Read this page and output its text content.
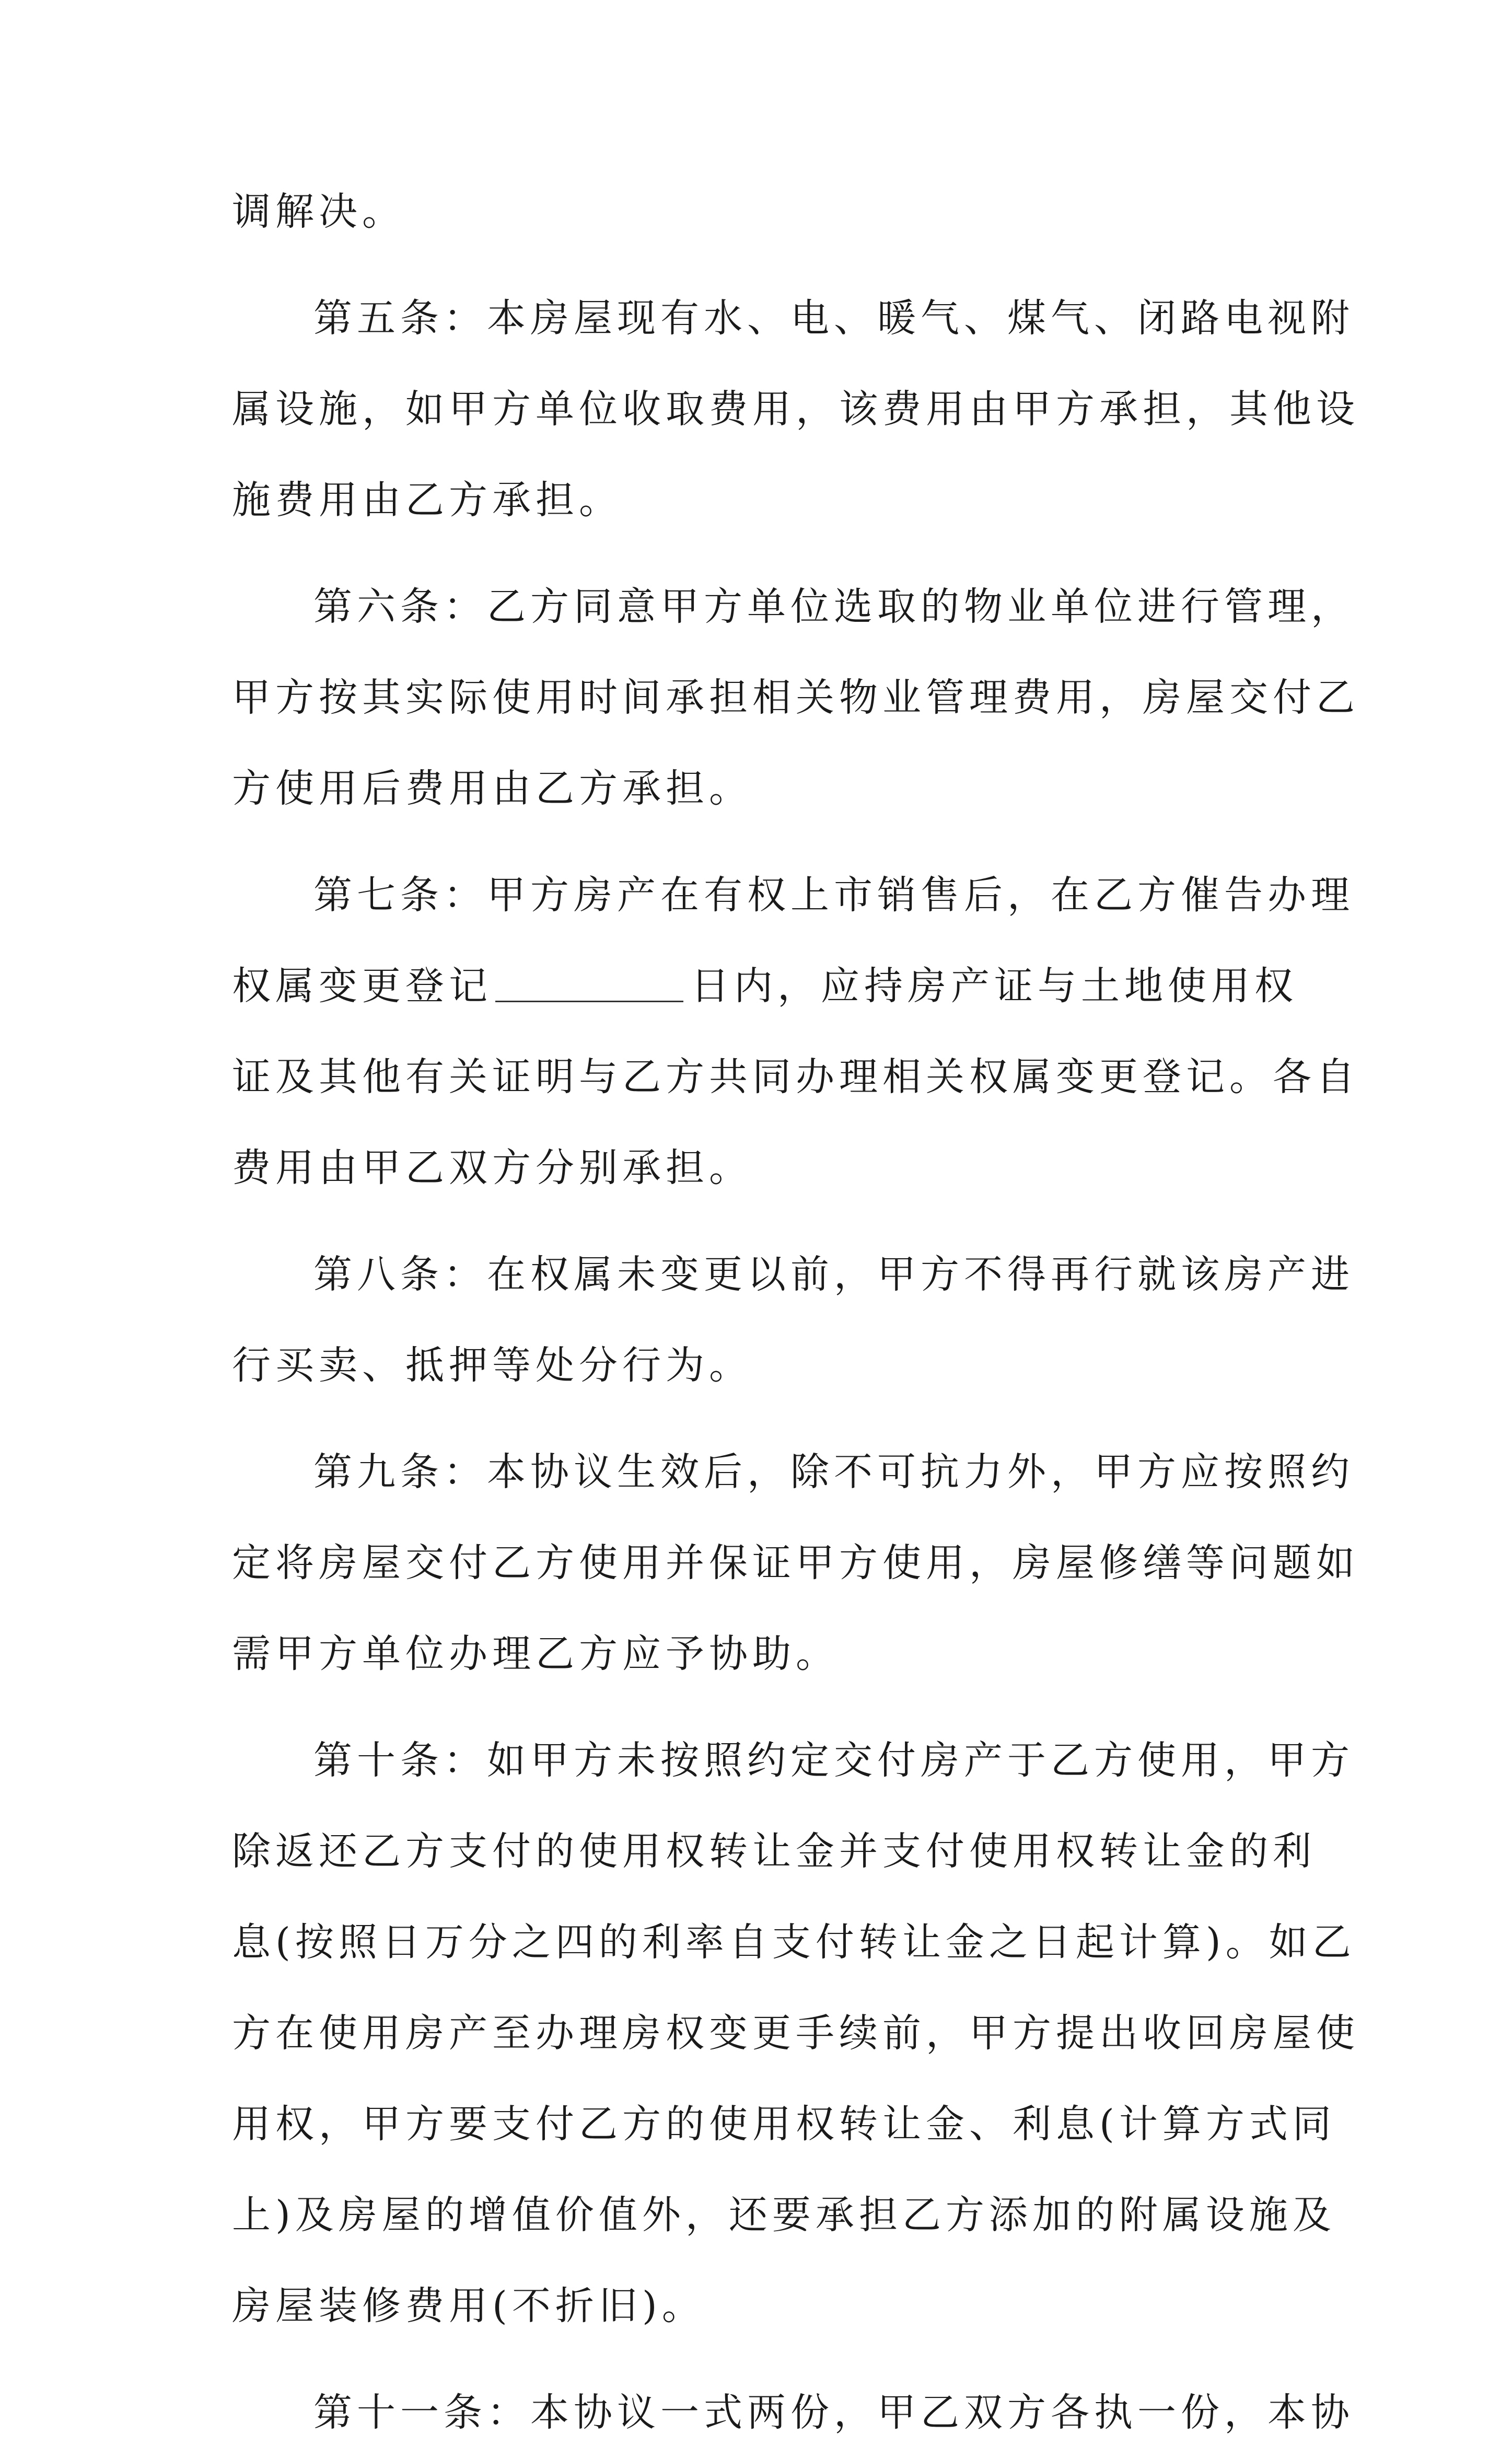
调解决。
第五条：本房屋现有水、电、暖气、煤气、闭路电视附
属设施，如甲方单位收取费用，该费用由甲方承担，其他设
施费用由乙方承担。
第六条：乙方同意甲方单位选取的物业单位进行管理，
甲方按其实际使用时间承担相关物业管理费用，房屋交付乙
方使用后费用由乙方承担。
第七条：甲方房产在有权上市销售后，在乙方催告办理
权属变更登记	日内，应持房产证与土地使用权
证及其他有关证明与乙方共同办理相关权属变更登记。各自
费用由甲乙双方分别承担。
第八条：在权属未变更以前，甲方不得再行就该房产进
行买卖、抵押等处分行为。
第九条：本协议生效后，除不可抗力外，甲方应按照约
定将房屋交付乙方使用并保证甲方使用，房屋修缮等问题如
需甲方单位办理乙方应予协助。
第十条：如甲方未按照约定交付房产于乙方使用，甲方
除返还乙方支付的使用权转让金并支付使用权转让金的利
息(按照日万分之四的利率自支付转让金之日起计算)。如乙
方在使用房产至办理房权变更手续前，甲方提出收回房屋使
用权，甲方要支付乙方的使用权转让金、利息(计算方式同
上)及房屋的增值价值外，还要承担乙方添加的附属设施及
房屋装修费用(不折旧)。
第十一条：本协议一式两份，甲乙双方各执一份，本协
